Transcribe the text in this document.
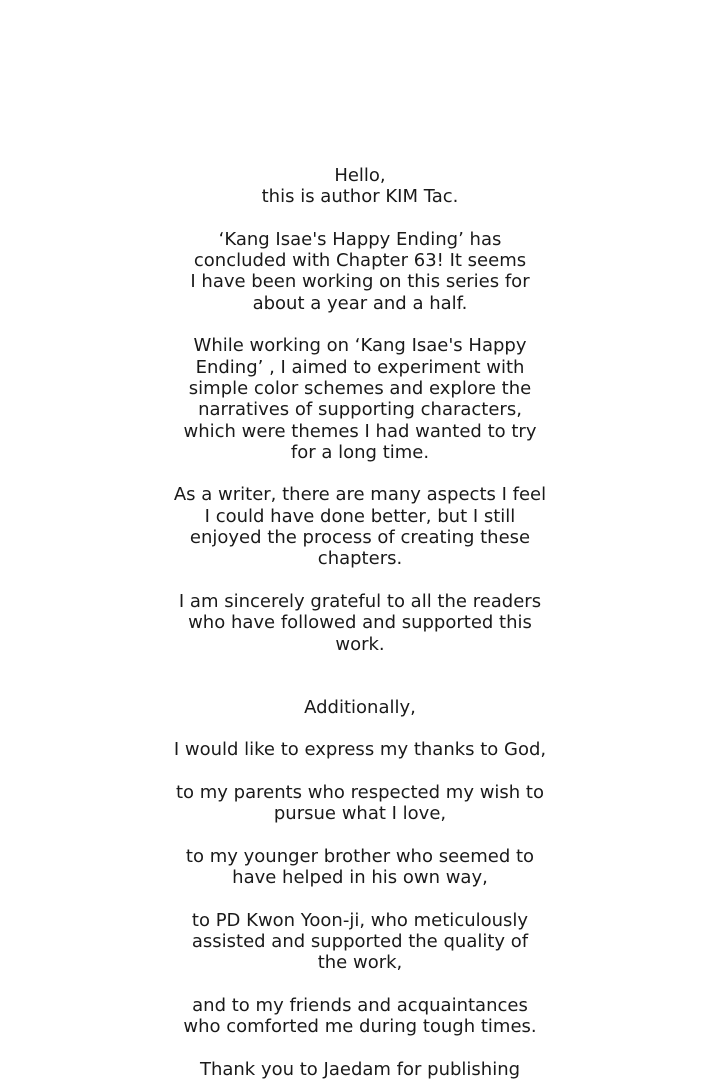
Hello,
this is author KIM Tac.
‘Kang Isae's Happy Ending’ has
concluded with Chapter 63! It seems
I have been working on this series for
about a year and a half.
While working on ‘Kang Isae's Happy
Ending’ , I aimed to experiment with
simple color schemes and explore the
narratives of supporting characters,
which were themes I had wanted to try
for a long time.
As a writer, there are many aspects I feel
I could have done better, but I still
enjoyed the process of creating these
chapters.
I am sincerely grateful to all the readers
who have followed and supported this
work.
Additionally,
I would like to express my thanks to God,
to my parents who respected my wish to
pursue what I love,
to my younger brother who seemed to
have helped in his own way,
to PD Kwon Yoon-ji, who meticulously
assisted and supported the quality of
the work,
and to my friends and acquaintances
who comforted me during tough times.
Thank you to Jaedam for publishing
